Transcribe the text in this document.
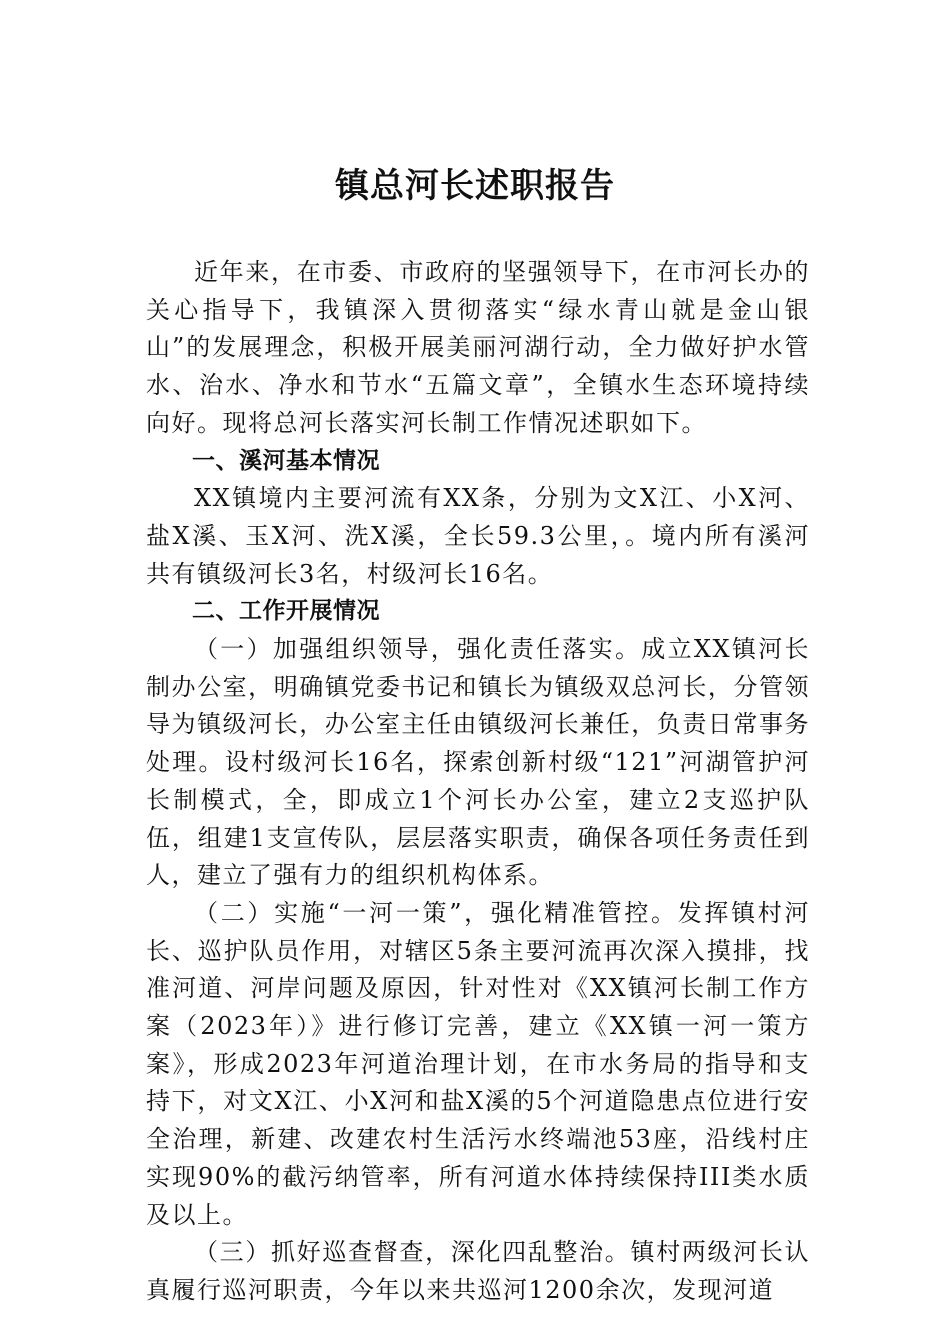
镇总河长述职报告

近年来，在市委、市政府的坚强领导下，在市河长办的关心指导下，我镇深入贯彻落实“绿水青山就是金山银山”的发展理念，积极开展美丽河湖行动，全力做好护水管水、治水、净水和节水“五篇文章”，全镇水生态环境持续向好。现将总河长落实河长制工作情况述职如下。

一、溪河基本情况

XX镇境内主要河流有XX条，分别为文X江、小X河、盐X溪、玉X河、洗X溪，全长59.3公里，。境内所有溪河共有镇级河长3名，村级河长16名。

二、工作开展情况

（一）加强组织领导，强化责任落实。成立XX镇河长制办公室，明确镇党委书记和镇长为镇级双总河长，分管领导为镇级河长，办公室主任由镇级河长兼任，负责日常事务处理。设村级河长16名，探索创新村级“121”河湖管护河长制模式，全，即成立1个河长办公室，建立2支巡护队伍，组建1支宣传队，层层落实职责，确保各项任务责任到人，建立了强有力的组织机构体系。

（二）实施“一河一策”，强化精准管控。发挥镇村河长、巡护队员作用，对辖区5条主要河流再次深入摸排，找准河道、河岸问题及原因，针对性对《XX镇河长制工作方案（2023年）》进行修订完善，建立《XX镇一河一策方案》，形成2023年河道治理计划，在市水务局的指导和支持下，对文X江、小X河和盐X溪的5个河道隐患点位进行安全治理，新建、改建农村生活污水终端池53座，沿线村庄实现90%的截污纳管率，所有河道水体持续保持III类水质及以上。

（三）抓好巡查督查，深化四乱整治。镇村两级河长认真履行巡河职责，今年以来共巡河1200余次，发现河道
